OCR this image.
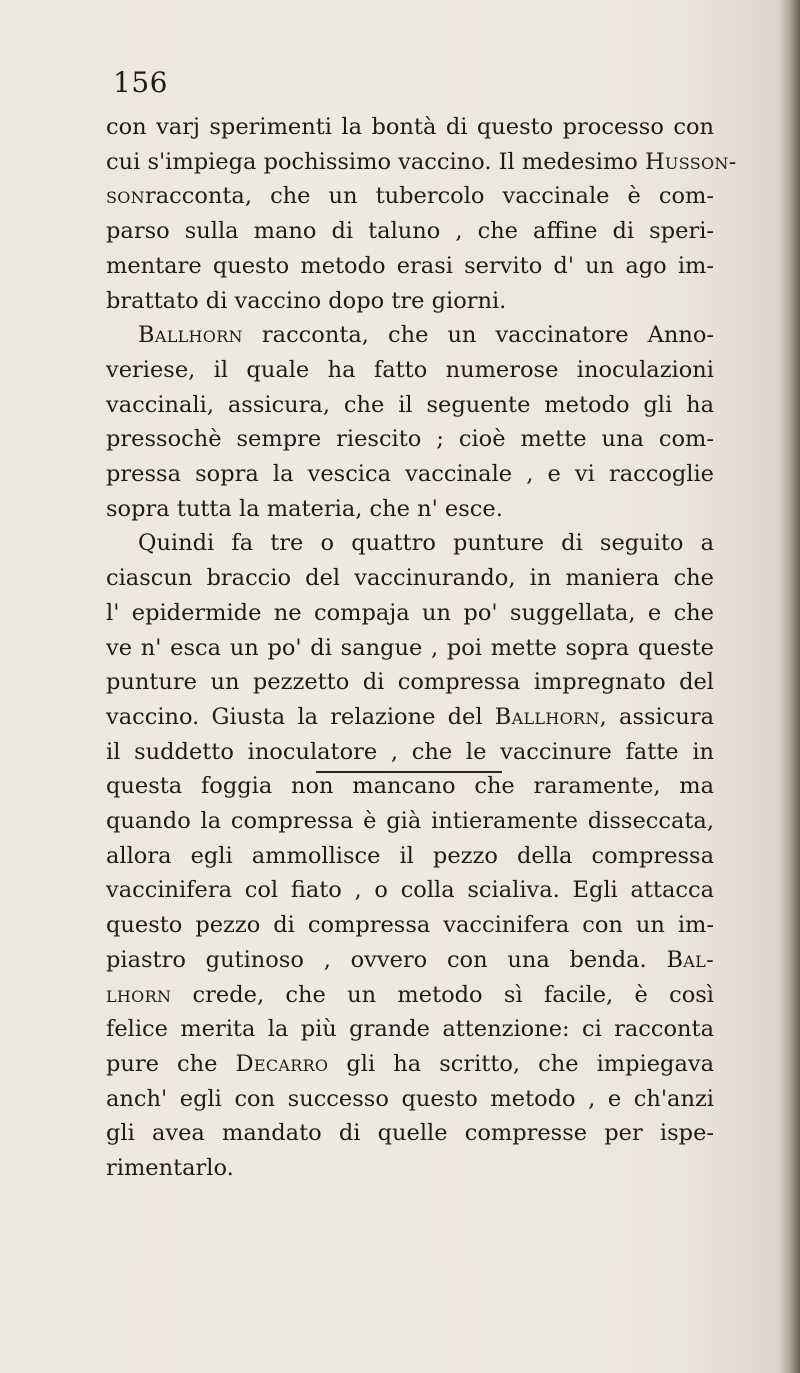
156

con varj sperimenti la bontà di questo processo con
cui s'impiega pochissimo vaccino. Il medesimo Husson-
sonracconta, che un tubercolo vaccinale è com-
parso sulla mano di taluno , che affine di speri-
mentare questo metodo erasi servito d' un ago im-
brattato di vaccino dopo tre giorni.
Ballhorn racconta, che un vaccinatore Anno-
veriese, il quale ha fatto numerose inoculazioni
vaccinali, assicura, che il seguente metodo gli ha
pressochè sempre riescito ; cioè mette una com-
pressa sopra la vescica vaccinale , e vi raccoglie
sopra tutta la materia, che n' esce.
Quindi fa tre o quattro punture di seguito a
ciascun braccio del vaccinurando, in maniera che
l' epidermide ne compaja un po' suggellata, e che
ve n' esca un po' di sangue , poi mette sopra queste
punture un pezzetto di compressa impregnato del
vaccino. Giusta la relazione del Ballhorn, assicura
il suddetto inoculatore , che le vaccinure fatte in
questa foggia non mancano che raramente, ma
quando la compressa è già intieramente disseccata,
allora egli ammollisce il pezzo della compressa
vaccinifera col fiato , o colla scialiva. Egli attacca
questo pezzo di compressa vaccinifera con un im-
piastro gutinoso , ovvero con una benda. Bal-
lhorn crede, che un metodo sì facile, è così
felice merita la più grande attenzione: ci racconta
pure che Decarro gli ha scritto, che impiegava
anch' egli con successo questo metodo , e ch'anzi
gli avea mandato di quelle compresse per ispe-
rimentarlo.
